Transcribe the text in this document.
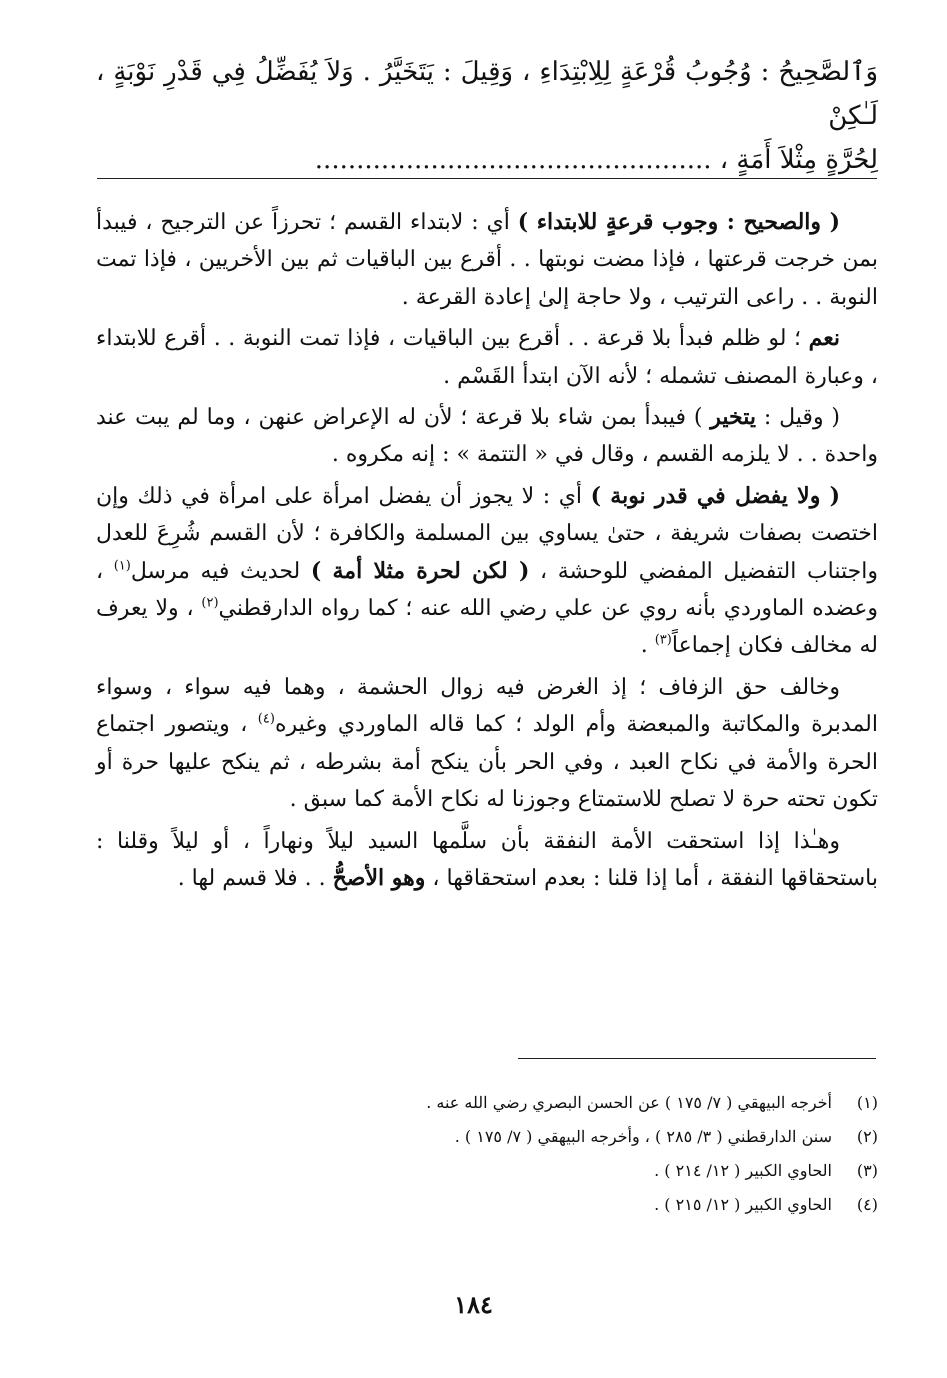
وَٱلصَّحِيحُ : وُجُوبُ قُرْعَةٍ لِلِابْتِدَاءِ ، وَقِيلَ : يَتَخَيَّرُ . وَلاَ يُفَضِّلُ فِي قَدْرِ نَوْبَةٍ ، لَـٰكِنْ

لِحُرَّةٍ مِثْلاَ أَمَةٍ ، ................................................

( والصحيح : وجوب قرعةٍ للابتداء ) أي : لابتداء القسم ؛ تحرزاً عن الترجيح ، فيبدأ بمن خرجت قرعتها ، فإذا مضت نوبتها . . أقرع بين الباقيات ثم بين الأخريين ، فإذا تمت النوبة . . راعى الترتيب ، ولا حاجة إلىٰ إعادة القرعة .

نعم ؛ لو ظلم فبدأ بلا قرعة . . أقرع بين الباقيات ، فإذا تمت النوبة . . أقرع للابتداء ، وعبارة المصنف تشمله ؛ لأنه الآن ابتدأ القَسْم .

( وقيل : يتخير ) فيبدأ بمن شاء بلا قرعة ؛ لأن له الإعراض عنهن ، وما لم يبت عند واحدة . . لا يلزمه القسم ، وقال في « التتمة » : إنه مكروه .

( ولا يفضل في قدر نوبة ) أي : لا يجوز أن يفضل امرأة على امرأة في ذلك وإن اختصت بصفات شريفة ، حتىٰ يساوي بين المسلمة والكافرة ؛ لأن القسم شُرِعَ للعدل واجتناب التفضيل المفضي للوحشة ، ( لكن لحرة مثلا أمة ) لحديث فيه مرسل$^{(١)}$ ، وعضده الماوردي بأنه روي عن علي رضي الله عنه ؛ كما رواه الدارقطني$^{(٢)}$ ، ولا يعرف له مخالف فكان إجماعاً$^{(٣)}$ .

وخالف حق الزفاف ؛ إذ الغرض فيه زوال الحشمة ، وهما فيه سواء ، وسواء المدبرة والمكاتبة والمبعضة وأم الولد ؛ كما قاله الماوردي وغيره$^{(٤)}$ ، ويتصور اجتماع الحرة والأمة في نكاح العبد ، وفي الحر بأن ينكح أمة بشرطه ، ثم ينكح عليها حرة أو تكون تحته حرة لا تصلح للاستمتاع وجوزنا له نكاح الأمة كما سبق .

وهـٰذا إذا استحقت الأمة النفقة بأن سلَّمها السيد ليلاً ونهاراً ، أو ليلاً وقلنا : باستحقاقها النفقة ، أما إذا قلنا : بعدم استحقاقها ، وهو الأصحُّ . . فلا قسم لها .

(١)
أخرجه البيهقي ( ٧/ ١٧٥ ) عن الحسن البصري رضي الله عنه .
(٢)
سنن الدارقطني ( ٣/ ٢٨٥ ) ، وأخرجه البيهقي ( ٧/ ١٧٥ ) .
(٣)
الحاوي الكبير ( ١٢/ ٢١٤ ) .
(٤)
الحاوي الكبير ( ١٢/ ٢١٥ ) .
١٨٤
